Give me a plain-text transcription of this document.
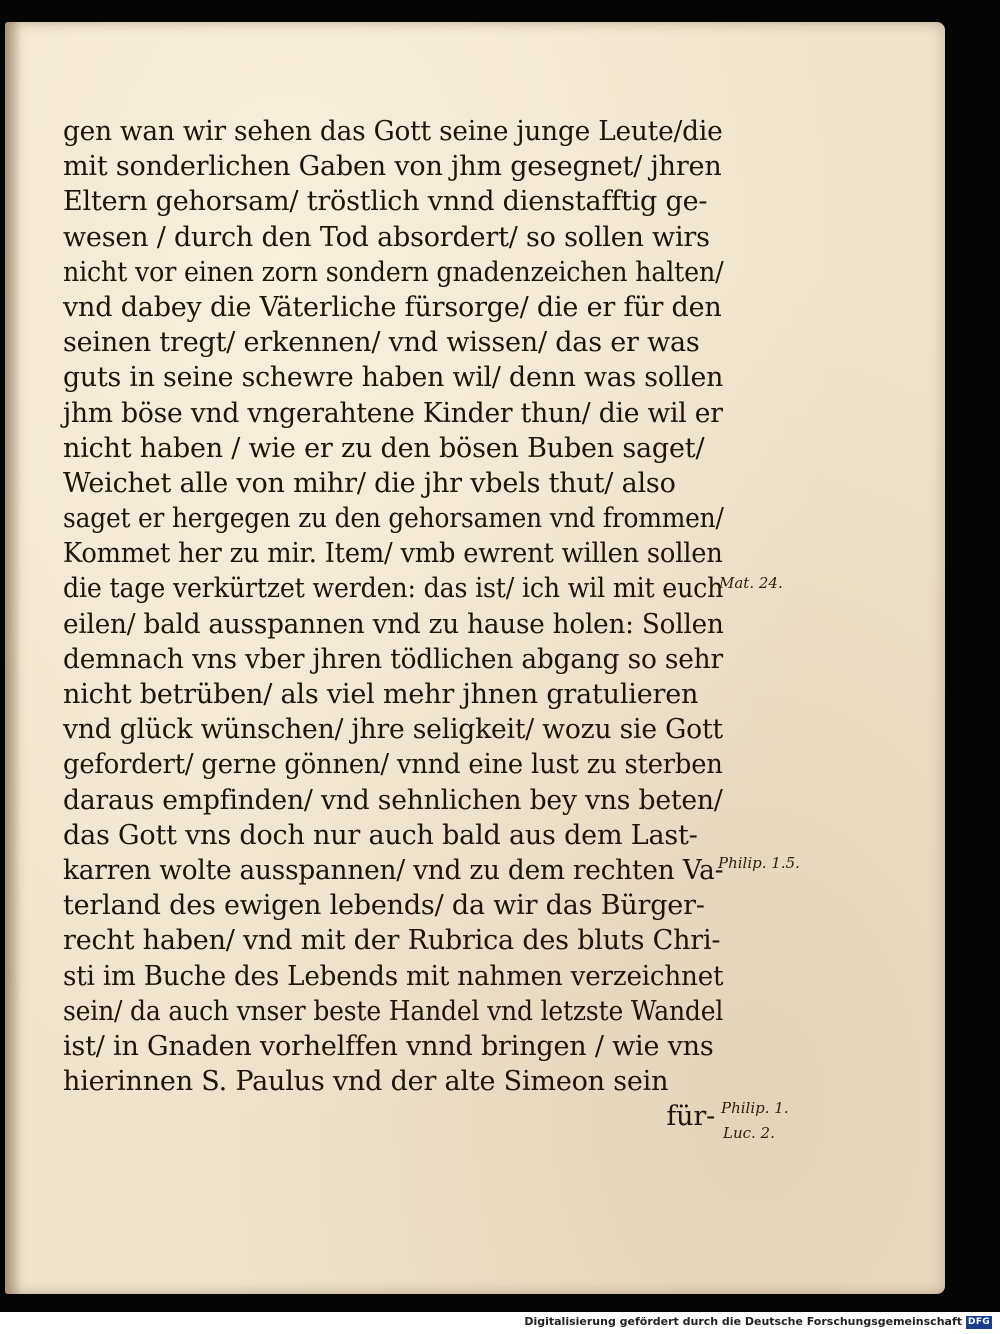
gen wan wir sehen das Gott seine junge Leute/die
mit sonderlichen Gaben von jhm gesegnet/ jhren
Eltern gehorsam/ tröstlich vnnd dienstafftig ge-
wesen / durch den Tod absordert/ so sollen wirs
nicht vor einen zorn sondern gnadenzeichen halten/
vnd dabey die Väterliche fürsorge/ die er für den
seinen tregt/ erkennen/ vnd wissen/ das er was
guts in seine schewre haben wil/ denn was sollen
jhm böse vnd vngerahtene Kinder thun/ die wil er
nicht haben / wie er zu den bösen Buben saget/
Weichet alle von mihr/ die jhr vbels thut/ also
saget er hergegen zu den gehorsamen vnd frommen/
Kommet her zu mir. Item/ vmb ewrent willen sollen
die tage verkürtzet werden: das ist/ ich wil mit euch
eilen/ bald ausspannen vnd zu hause holen: Sollen
demnach vns vber jhren tödlichen abgang so sehr
nicht betrüben/ als viel mehr jhnen gratulieren
vnd glück wünschen/ jhre seligkeit/ wozu sie Gott
gefordert/ gerne gönnen/ vnnd eine lust zu sterben
daraus empfinden/ vnd sehnlichen bey vns beten/
das Gott vns doch nur auch bald aus dem Last-
karren wolte ausspannen/ vnd zu dem rechten Va-
terland des ewigen lebends/ da wir das Bürger-
recht haben/ vnd mit der Rubrica des bluts Chri-
sti im Buche des Lebends mit nahmen verzeichnet
sein/ da auch vnser beste Handel vnd letzste Wandel
ist/ in Gnaden vorhelffen vnnd bringen / wie vns
hierinnen S. Paulus vnd der alte Simeon sein
für-
Mat. 24.
Philip. 1.5.
Philip. 1.
Luc. 2.
Digitalisierung gefördert durch die Deutsche Forschungsgemeinschaft DFG
